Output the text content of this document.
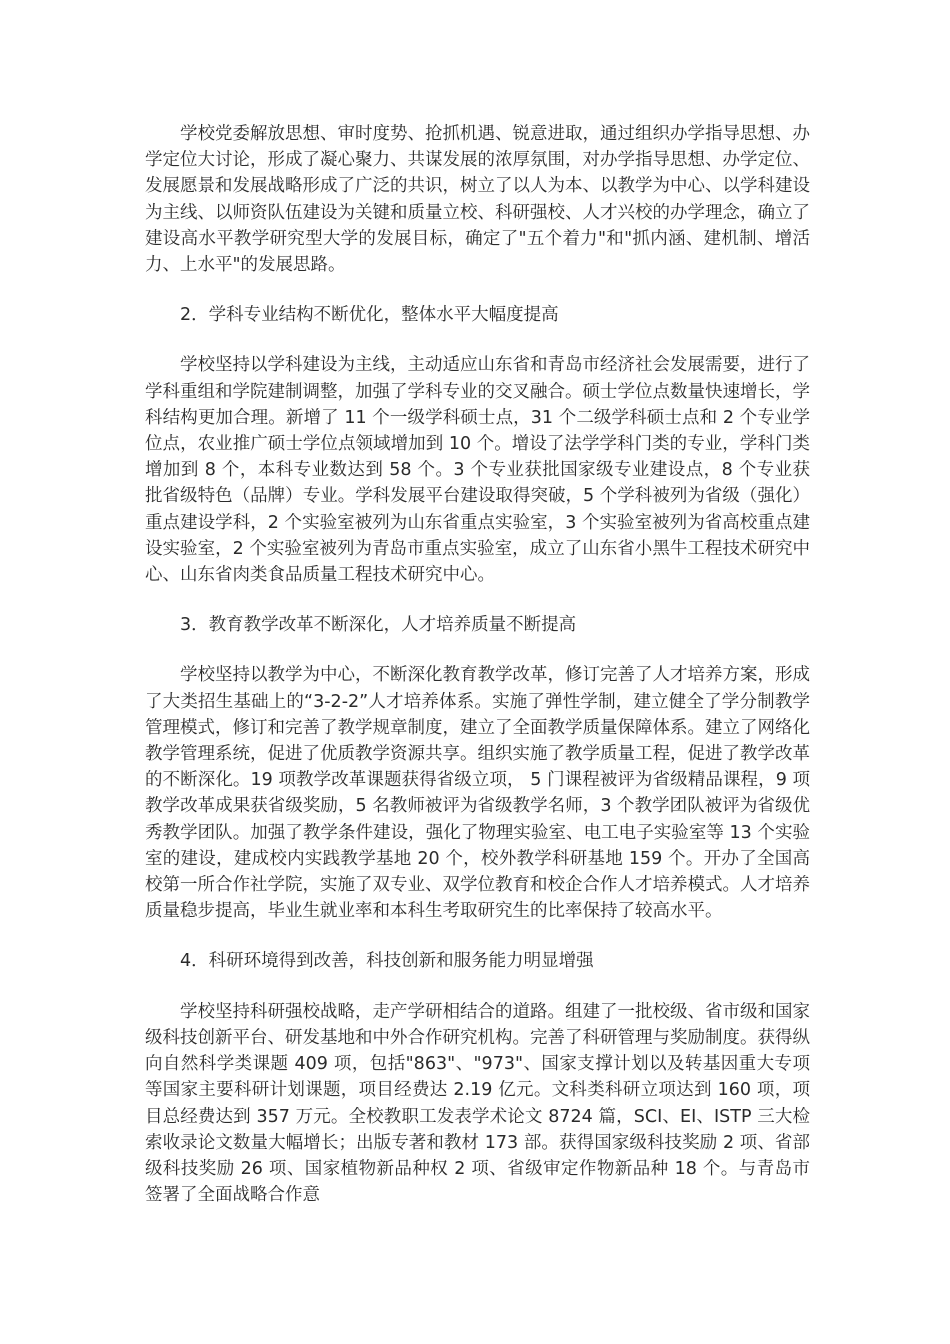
学校党委解放思想、审时度势、抢抓机遇、锐意进取，通过组织办学指导思想、办学定位大讨论，形成了凝心聚力、共谋发展的浓厚氛围，对办学指导思想、办学定位、发展愿景和发展战略形成了广泛的共识，树立了以人为本、以教学为中心、以学科建设为主线、以师资队伍建设为关键和质量立校、科研强校、人才兴校的办学理念，确立了建设高水平教学研究型大学的发展目标，确定了"五个着力"和"抓内涵、建机制、增活力、上水平"的发展思路。

2．学科专业结构不断优化，整体水平大幅度提高

学校坚持以学科建设为主线，主动适应山东省和青岛市经济社会发展需要，进行了学科重组和学院建制调整，加强了学科专业的交叉融合。硕士学位点数量快速增长，学科结构更加合理。新增了 11 个一级学科硕士点，31 个二级学科硕士点和 2 个专业学位点，农业推广硕士学位点领域增加到 10 个。增设了法学学科门类的专业，学科门类增加到 8 个，本科专业数达到 58 个。3 个专业获批国家级专业建设点，8 个专业获批省级特色（品牌）专业。学科发展平台建设取得突破，5 个学科被列为省级（强化）重点建设学科，2 个实验室被列为山东省重点实验室，3 个实验室被列为省高校重点建设实验室，2 个实验室被列为青岛市重点实验室，成立了山东省小黑牛工程技术研究中心、山东省肉类食品质量工程技术研究中心。

3．教育教学改革不断深化，人才培养质量不断提高

学校坚持以教学为中心，不断深化教育教学改革，修订完善了人才培养方案，形成了大类招生基础上的“3-2-2”人才培养体系。实施了弹性学制，建立健全了学分制教学管理模式，修订和完善了教学规章制度，建立了全面教学质量保障体系。建立了网络化教学管理系统，促进了优质教学资源共享。组织实施了教学质量工程，促进了教学改革的不断深化。19 项教学改革课题获得省级立项， 5 门课程被评为省级精品课程，9 项教学改革成果获省级奖励，5 名教师被评为省级教学名师，3 个教学团队被评为省级优秀教学团队。加强了教学条件建设，强化了物理实验室、电工电子实验室等 13 个实验室的建设，建成校内实践教学基地 20 个，校外教学科研基地 159 个。开办了全国高校第一所合作社学院，实施了双专业、双学位教育和校企合作人才培养模式。人才培养质量稳步提高，毕业生就业率和本科生考取研究生的比率保持了较高水平。

4．科研环境得到改善，科技创新和服务能力明显增强

学校坚持科研强校战略，走产学研相结合的道路。组建了一批校级、省市级和国家级科技创新平台、研发基地和中外合作研究机构。完善了科研管理与奖励制度。获得纵向自然科学类课题 409 项，包括"863"、"973"、国家支撑计划以及转基因重大专项等国家主要科研计划课题，项目经费达 2.19 亿元。文科类科研立项达到 160 项，项目总经费达到 357 万元。全校教职工发表学术论文 8724 篇，SCI、EI、ISTP 三大检索收录论文数量大幅增长；出版专著和教材 173 部。获得国家级科技奖励 2 项、省部级科技奖励 26 项、国家植物新品种权 2 项、省级审定作物新品种 18 个。与青岛市签署了全面战略合作意
